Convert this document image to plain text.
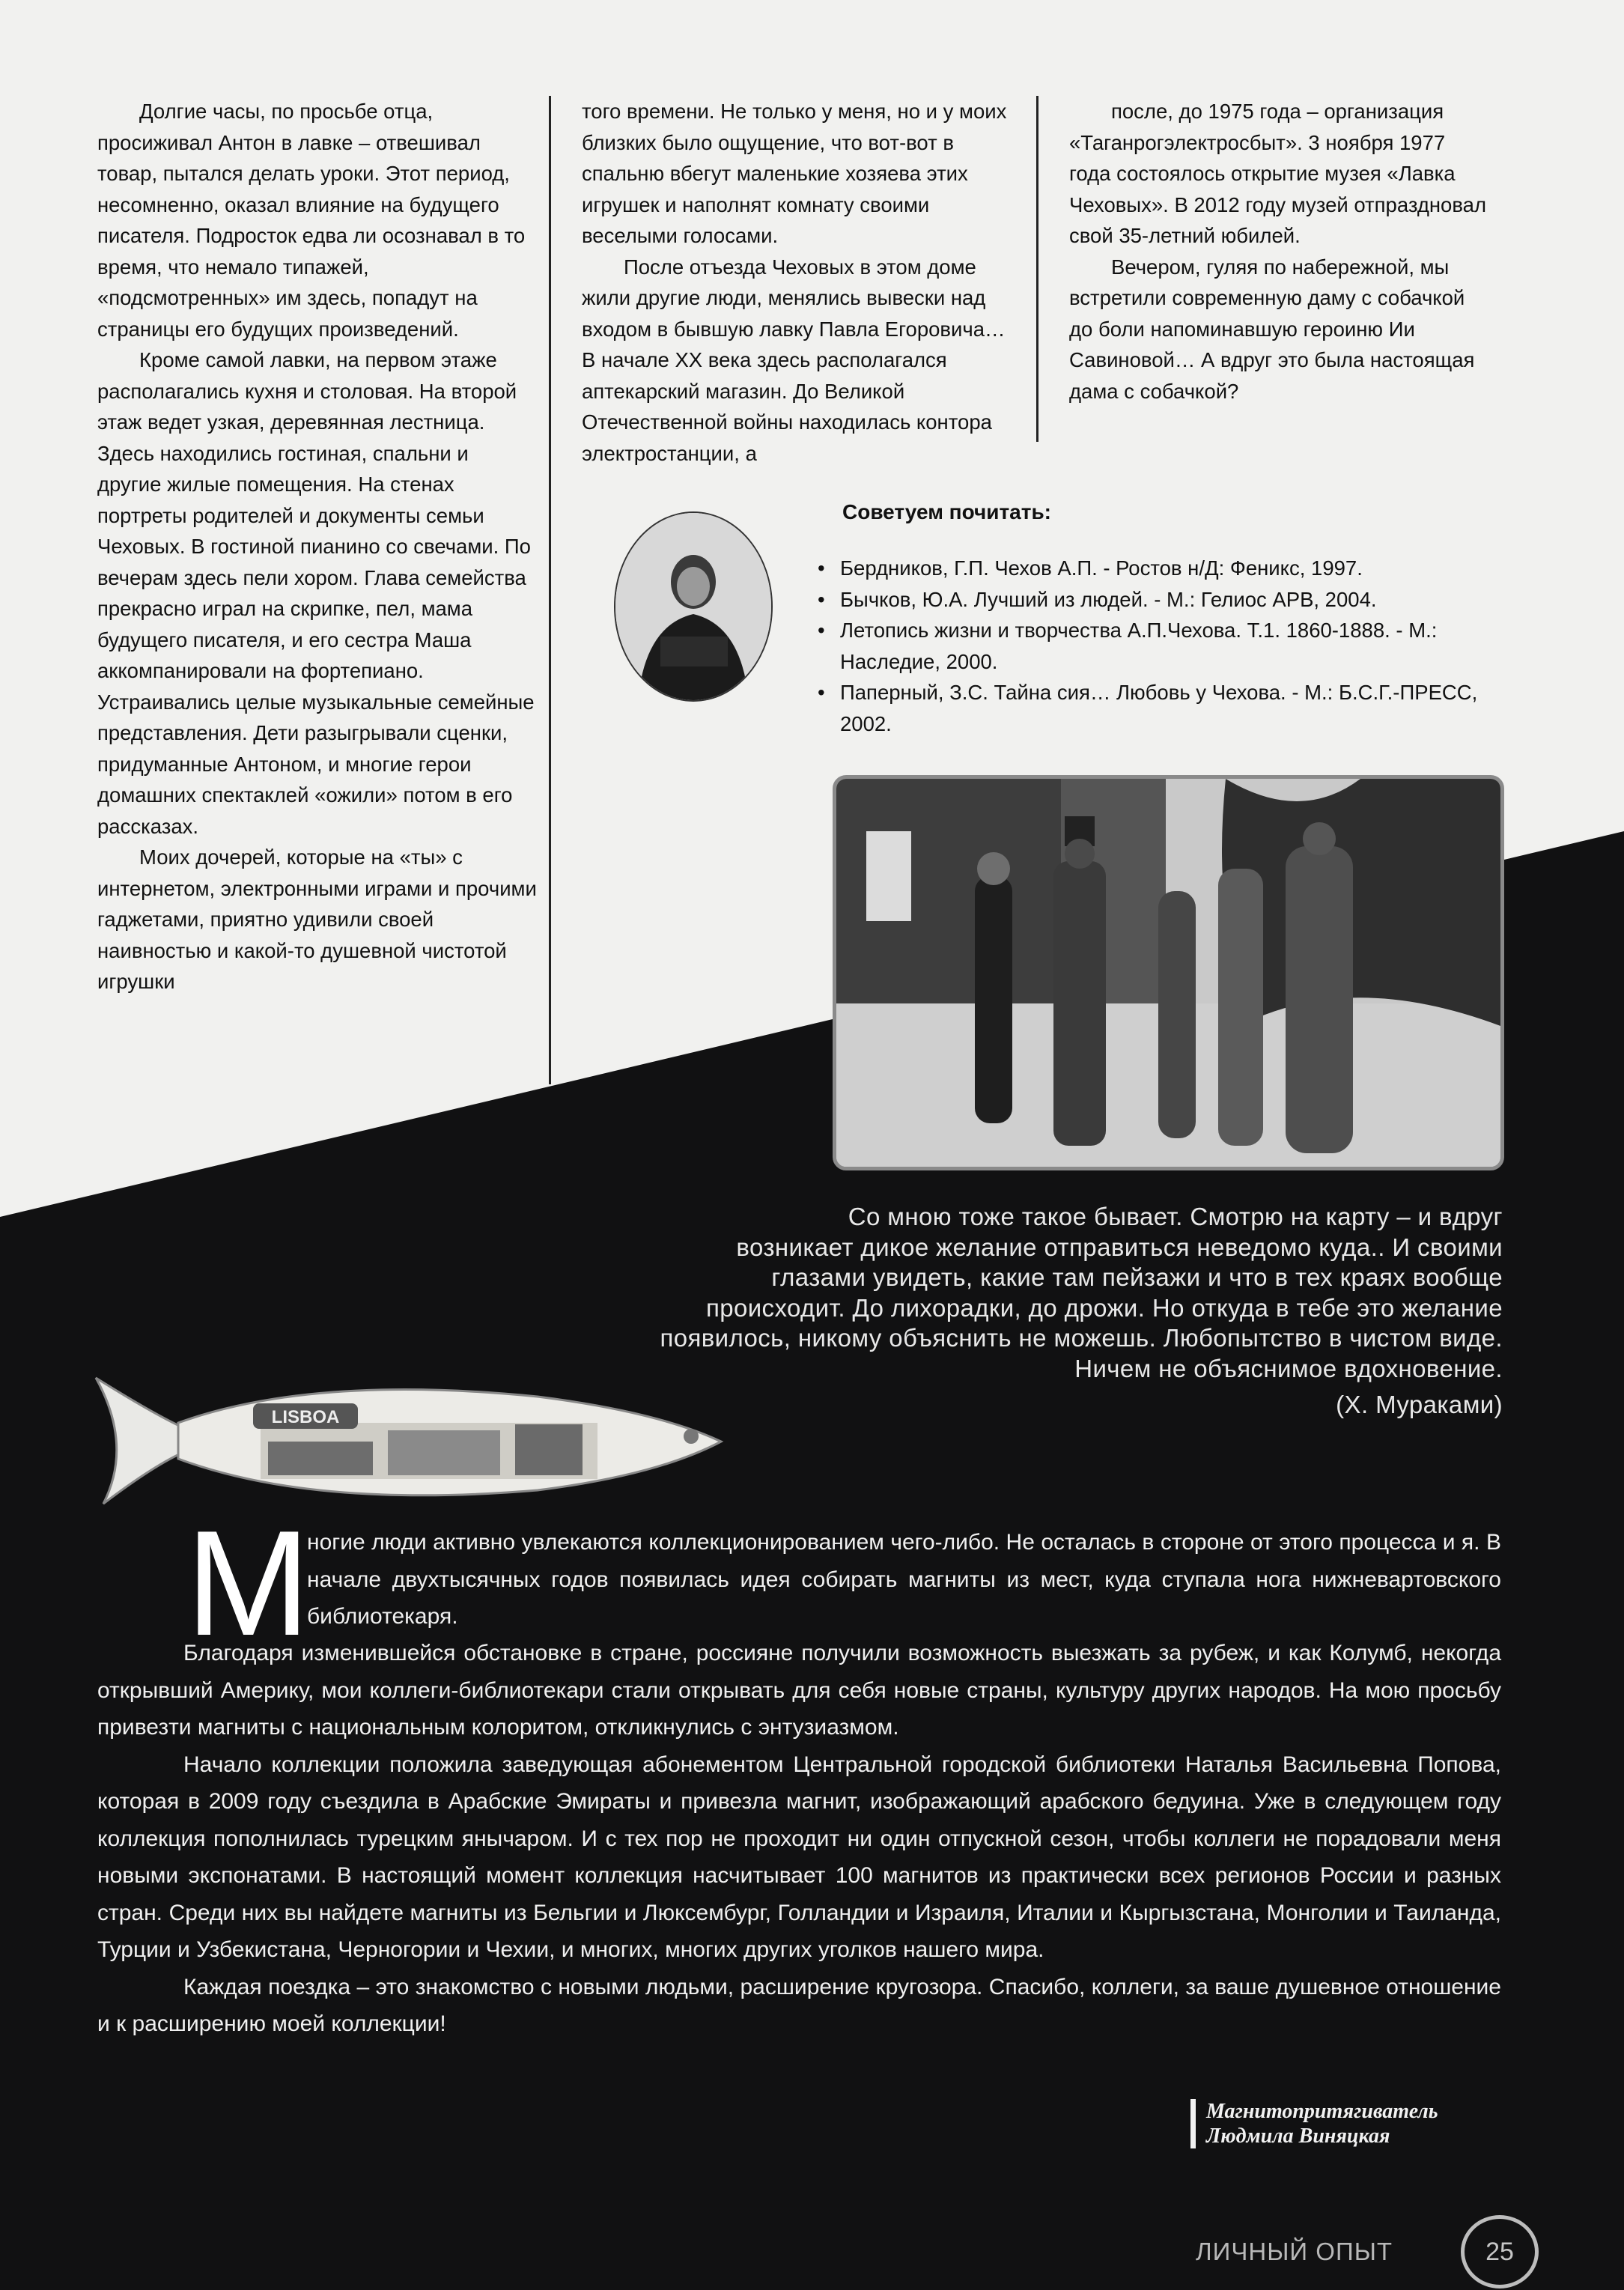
Долгие часы, по просьбе отца, просиживал Антон в лавке – отвешивал товар, пытался делать уроки. Этот период, несомненно, оказал влияние на будущего писателя. Подросток едва ли осознавал в то время, что немало типажей, «подсмотренных» им здесь, попадут на страницы его будущих произведений.

Кроме самой лавки, на первом этаже располагались кухня и столовая. На второй этаж ведет узкая, деревянная лестница. Здесь находились гостиная, спальни и другие жилые помещения. На стенах портреты родителей и документы семьи Чеховых. В гостиной пианино со свечами. По вечерам здесь пели хором. Глава семейства прекрасно играл на скрипке, пел, мама будущего писателя, и его сестра Маша аккомпанировали на фортепиано. Устраивались целые музыкальные семейные представления. Дети разыгрывали сценки, придуманные Антоном, и многие герои домашних спектаклей «ожили» потом в его рассказах.

Моих дочерей, которые на «ты» с интернетом, электронными играми и прочими гаджетами, приятно удивили своей наивностью и какой-то душевной чистотой игрушки

того времени. Не только у меня, но и у моих близких было ощущение, что вот-вот в спальню вбегут маленькие хозяева этих игрушек и наполнят комнату своими веселыми голосами.

После отъезда Чеховых в этом доме жили другие люди, менялись вывески над входом в бывшую лавку Павла Егоровича… В начале XX века здесь располагался аптекарский магазин. До Великой Отечественной войны находилась контора электростанции, а

после, до 1975 года – организация «Таганрогэлектросбыт». 3 ноября 1977 года состоялось открытие музея «Лавка Чеховых». В 2012 году музей отпраздновал свой 35-летний юбилей.

Вечером, гуляя по набережной, мы встретили современную даму с собачкой до боли напоминавшую героиню Ии Савиновой… А вдруг это была настоящая дама с собачкой?

Советуем почитать:
• Бердников, Г.П. Чехов А.П. - Ростов н/Д: Феникс, 1997.
• Бычков, Ю.А. Лучший из людей. - М.: Гелиос АРВ, 2004.
• Летопись жизни и творчества А.П.Чехова. Т.1. 1860-1888. - М.: Наследие, 2000.
• Паперный, З.С. Тайна сия… Любовь у Чехова. - М.: Б.С.Г.-ПРЕСС, 2002.
Со мною тоже такое бывает. Смотрю на карту – и вдруг
возникает дикое желание отправиться неведомо куда.. И своими
глазами увидеть, какие там пейзажи и что в тех краях вообще
происходит. До лихорадки, до дрожи. Но откуда в тебе это желание
появилось, никому объяснить не можешь. Любопытство в чистом виде.
Ничем не объяснимое вдохновение.
(Х. Мураками)
LISBOA
М
ногие люди активно увлекаются коллекционированием чего-либо. Не осталась в стороне от этого процесса и я. В начале двухтысячных годов появилась идея собирать магниты из мест, куда ступала нога нижневартовского библиотекаря.

Благодаря изменившейся обстановке в стране, россияне получили возможность выезжать за рубеж, и как Колумб, некогда открывший Америку, мои коллеги-библиотекари стали открывать для себя новые страны, культуру других народов. На мою просьбу привезти магниты с национальным колоритом, откликнулись с энтузиазмом.

Начало коллекции положила заведующая абонементом Центральной городской библиотеки Наталья Васильевна Попова, которая в 2009 году съездила в Арабские Эмираты и привезла магнит, изображающий арабского бедуина. Уже в следующем году коллекция пополнилась турецким янычаром. И с тех пор не проходит ни один отпускной сезон, чтобы коллеги не порадовали меня новыми экспонатами. В настоящий момент коллекция насчитывает 100 магнитов из практически всех регионов России и разных стран. Среди них вы найдете магниты из Бельгии и Люксембург, Голландии и Израиля, Италии и Кыргызстана, Монголии и Таиланда, Турции и Узбекистана, Черногории и Чехии, и многих, многих других уголков нашего мира.

Каждая поездка – это знакомство с новыми людьми, расширение кругозора. Спасибо, коллеги, за ваше душевное отношение и к расширению моей коллекции!

Магнитопритягиватель
Людмила Виняцкая
ЛИЧНЫЙ ОПЫТ	25
